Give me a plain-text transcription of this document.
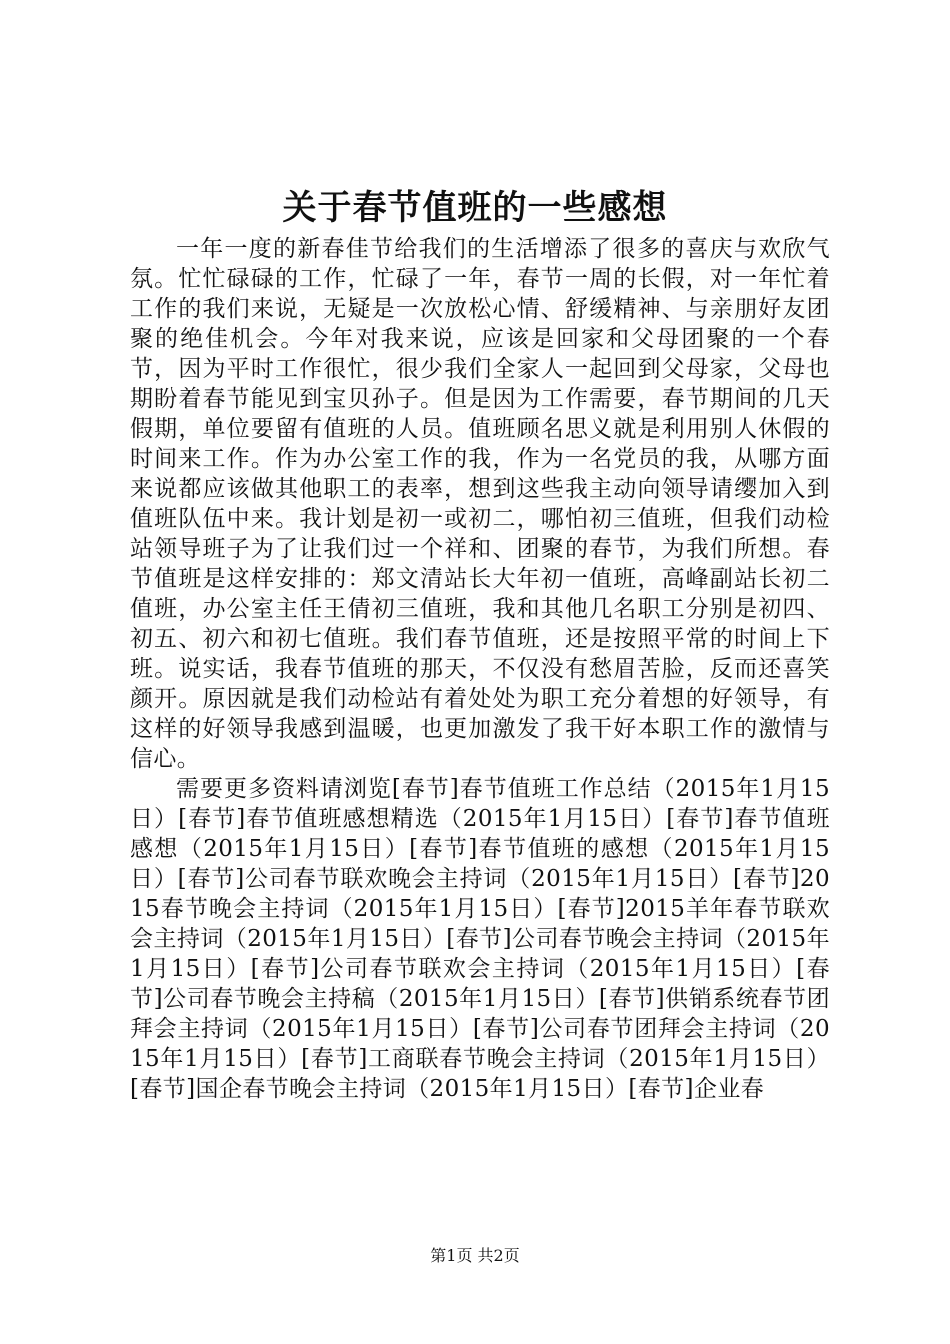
关于春节值班的一些感想

一年一度的新春佳节给我们的生活增添了很多的喜庆与欢欣气氛。忙忙碌碌的工作，忙碌了一年，春节一周的长假，对一年忙着工作的我们来说，无疑是一次放松心情、舒缓精神、与亲朋好友团聚的绝佳机会。今年对我来说，应该是回家和父母团聚的一个春节，因为平时工作很忙，很少我们全家人一起回到父母家，父母也期盼着春节能见到宝贝孙子。但是因为工作需要，春节期间的几天假期，单位要留有值班的人员。值班顾名思义就是利用别人休假的时间来工作。作为办公室工作的我，作为一名党员的我，从哪方面来说都应该做其他职工的表率，想到这些我主动向领导请缨加入到值班队伍中来。我计划是初一或初二，哪怕初三值班，但我们动检站领导班子为了让我们过一个祥和、团聚的春节，为我们所想。春节值班是这样安排的：郑文清站长大年初一值班，高峰副站长初二值班，办公室主任王倩初三值班，我和其他几名职工分别是初四、初五、初六和初七值班。我们春节值班，还是按照平常的时间上下班。说实话，我春节值班的那天，不仅没有愁眉苦脸，反而还喜笑颜开。原因就是我们动检站有着处处为职工充分着想的好领导，有这样的好领导我感到温暖，也更加激发了我干好本职工作的激情与信心。

需要更多资料请浏览[春节]春节值班工作总结（2015年1月15日）[春节]春节值班感想精选（2015年1月15日）[春节]春节值班感想（2015年1月15日）[春节]春节值班的感想（2015年1月15日）[春节]公司春节联欢晚会主持词（2015年1月15日）[春节]2015春节晚会主持词（2015年1月15日）[春节]2015羊年春节联欢会主持词（2015年1月15日）[春节]公司春节晚会主持词（2015年1月15日）[春节]公司春节联欢会主持词（2015年1月15日）[春节]公司春节晚会主持稿（2015年1月15日）[春节]供销系统春节团拜会主持词（2015年1月15日）[春节]公司春节团拜会主持词（2015年1月15日）[春节]工商联春节晚会主持词（2015年1月15日）[春节]国企春节晚会主持词（2015年1月15日）[春节]企业春

第1页 共2页
